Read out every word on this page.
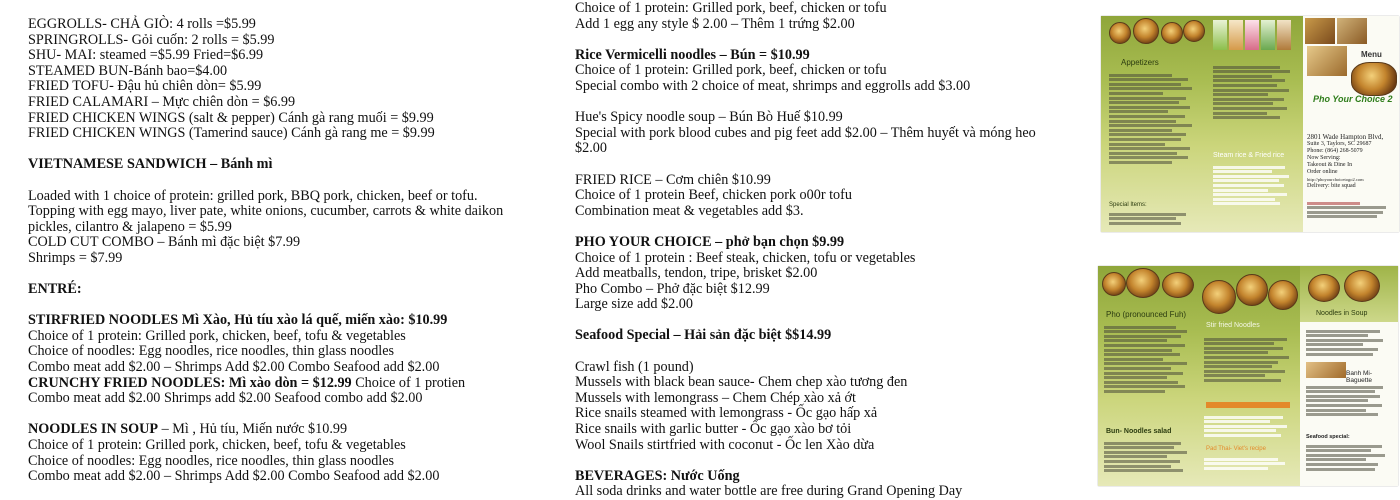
EGGROLLS- CHẢ GIÒ: 4 rolls =$5.99
SPRINGROLLS- Gỏi cuốn: 2 rolls = $5.99
SHU- MAI: steamed =$5.99 Fried=$6.99
STEAMED BUN-Bánh bao=$4.00
FRIED TOFU- Đậu hủ chiên dòn= $5.99
FRIED CALAMARI – Mực chiên dòn = $6.99
FRIED CHICKEN WINGS (salt & pepper) Cánh gà rang muối = $9.99
FRIED CHICKEN WINGS (Tamerind sauce) Cánh gà rang me = $9.99
VIETNAMESE SANDWICH – Bánh mì
Loaded with 1 choice of protein: grilled pork, BBQ pork, chicken, beef or tofu.
Topping with egg mayo, liver pate, white onions, cucumber, carrots & white daikon
pickles, cilantro & jalapeno = $5.99
COLD CUT COMBO – Bánh mì đặc biệt $7.99
Shrimps = $7.99
ENTRÉ:
STIRFRIED NOODLES Mì Xào, Hủ tíu xào lá quế, miến xào: $10.99
Choice of 1 protein: Grilled pork, chicken, beef, tofu & vegetables
Choice of noodles: Egg noodles, rice noodles, thin glass noodles
Combo meat add $2.00 – Shrimps Add $2.00 Combo Seafood add $2.00
CRUNCHY FRIED NOODLES: Mì xào dòn = $12.99 Choice of 1 protien
Combo meat add $2.00 Shrimps add $2.00 Seafood combo add $2.00
NOODLES IN SOUP – Mì , Hủ tíu, Miến nước $10.99
Choice of 1 protein: Grilled pork, chicken, beef, tofu & vegetables
Choice of noodles: Egg noodles, rice noodles, thin glass noodles
Combo meat add $2.00 – Shrimps Add $2.00 Combo Seafood add $2.00
Choice of 1 protein: Grilled pork, beef, chicken or tofu
Add 1 egg any style $ 2.00 – Thêm 1 trứng $2.00
Rice Vermicelli noodles – Bún = $10.99
Choice of 1 protein: Grilled pork, beef, chicken or tofu
Special combo with 2 choice of meat, shrimps and eggrolls add $3.00
Hue's Spicy noodle soup – Bún Bò Huế $10.99
Special with pork blood cubes and pig feet add $2.00 – Thêm huyết và móng heo
$2.00
FRIED RICE – Cơm chiên $10.99
Choice of 1 protein Beef, chicken pork o00r tofu
Combination meat & vegetables add $3.
PHO YOUR CHOICE – phở bạn chọn $9.99
Choice of 1 protein : Beef steak, chicken, tofu or vegetables
Add meatballs, tendon, tripe, brisket $2.00
Pho Combo – Phở đặc biệt $12.99
Large size add $2.00
Seafood Special – Hải sản đặc biệt $$14.99
Crawl fish (1 pound)
Mussels with black bean sauce- Chem chep xào tương đen
Mussels with lemongrass – Chem Chép xào xả ớt
Rice snails steamed with lemongrass - Ốc gạo hấp xả
Rice snails with garlic butter - Ốc gạo xào bơ tỏi
Wool Snails stirtfried with coconut - Ốc len Xào dừa
BEVERAGES: Nước Uống
All soda drinks and water bottle are free during Grand Opening Day
Appetizers
Special Items:
Steam rice & Fried rice
Menu
Pho Your Choice 2
2801 Wade Hampton Blvd,
Suite 3, Taylors, SC 29687
Phone: (864) 268-5079
Now Serving:
Takeout & Dine In
Order online
http://phoyourchoicetogo2.com
Delivery: bite squad
Pho (pronounced Fuh)
Bun- Noodles salad
Stir fried Noodles
Pad Thai- Viet's recipe
Noodles in Soup
Banh Mi-Baguette
Seafood special:
